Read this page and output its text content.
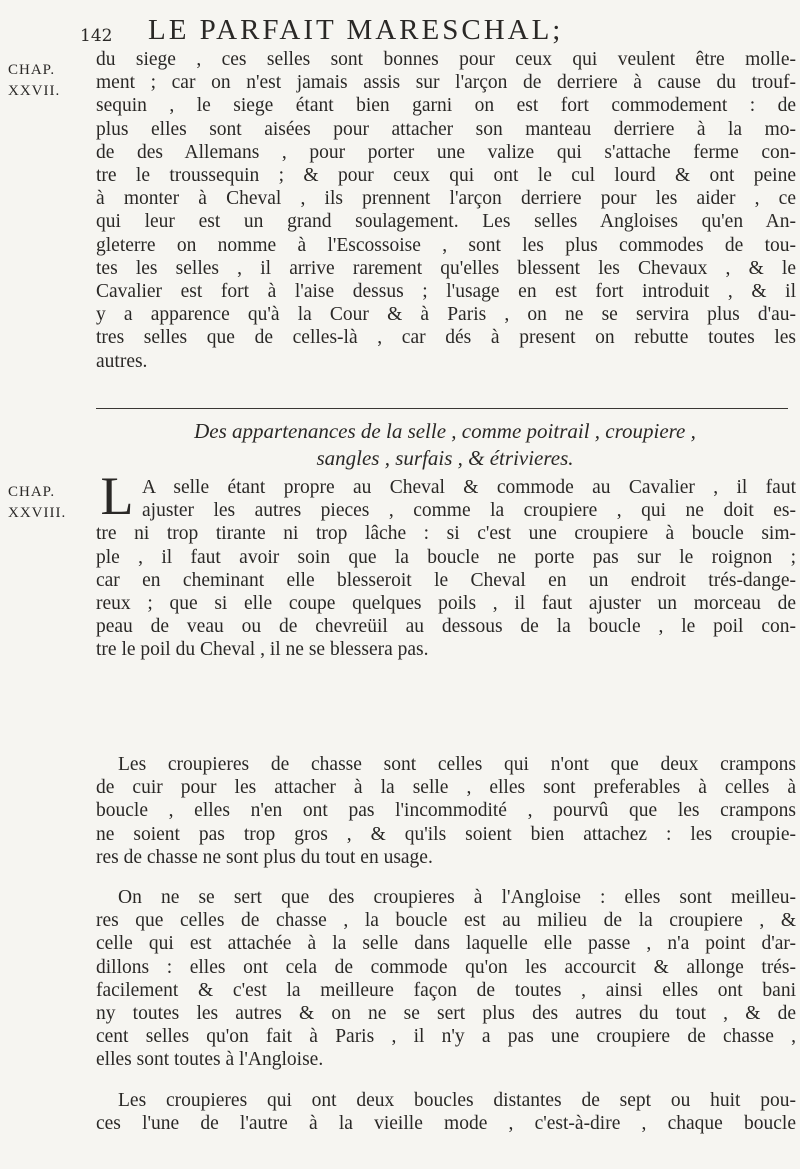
142 LE PARFAIT MARESCHAL;
CHAP.
XXVII.

du siege , ces selles sont bonnes pour ceux qui veulent être molle-
ment ; car on n'est jamais assis sur l'arçon de derriere à cause du trouf-
sequin , le siege étant bien garni on est fort commodement : de
plus elles sont aisées pour attacher son manteau derriere à la mo-
de des Allemans , pour porter une valize qui s'attache ferme con-
tre le troussequin ; & pour ceux qui ont le cul lourd & ont peine
à monter à Cheval , ils prennent l'arçon derriere pour les aider , ce
qui leur est un grand soulagement. Les selles Angloises qu'en An-
gleterre on nomme à l'Escossoise , sont les plus commodes de tou-
tes les selles , il arrive rarement qu'elles blessent les Chevaux , & le
Cavalier est fort à l'aise dessus ; l'usage en est fort introduit , & il
y a apparence qu'à la Cour & à Paris , on ne se servira plus d'au-
tres selles que de celles-là , car dés à present on rebutte toutes les
autres.

Des appartenances de la selle , comme poitrail , croupiere ,
sangles , surfais , & étrivieres.
CHAP.
XXVIII. L A selle étant propre au Cheval & commode au Cavalier , il faut
ajuster les autres pieces , comme la croupiere , qui ne doit es-
tre ni trop tirante ni trop lâche : si c'est une croupiere à boucle sim-
ple , il faut avoir soin que la boucle ne porte pas sur le roignon ;
car en cheminant elle blesseroit le Cheval en un endroit trés-dange-
reux ; que si elle coupe quelques poils , il faut ajuster un morceau de
peau de veau ou de chevreüil au dessous de la boucle , le poil con-
tre le poil du Cheval , il ne se blessera pas.

Les croupieres de chasse sont celles qui n'ont que deux crampons
de cuir pour les attacher à la selle , elles sont preferables à celles à
boucle , elles n'en ont pas l'incommodité , pourvû que les crampons
ne soient pas trop gros , & qu'ils soient bien attachez : les croupie-
res de chasse ne sont plus du tout en usage.

On ne se sert que des croupieres à l'Angloise : elles sont meilleu-
res que celles de chasse , la boucle est au milieu de la croupiere , &
celle qui est attachée à la selle dans laquelle elle passe , n'a point d'ar-
dillons : elles ont cela de commode qu'on les accourcit & allonge trés-
facilement & c'est la meilleure façon de toutes , ainsi elles ont bani
ny toutes les autres & on ne se sert plus des autres du tout , & de
cent selles qu'on fait à Paris , il n'y a pas une croupiere de chasse ,
elles sont toutes à l'Angloise.

Les croupieres qui ont deux boucles distantes de sept ou huit pou-
ces l'une de l'autre à la vieille mode , c'est-à-dire , chaque boucle
